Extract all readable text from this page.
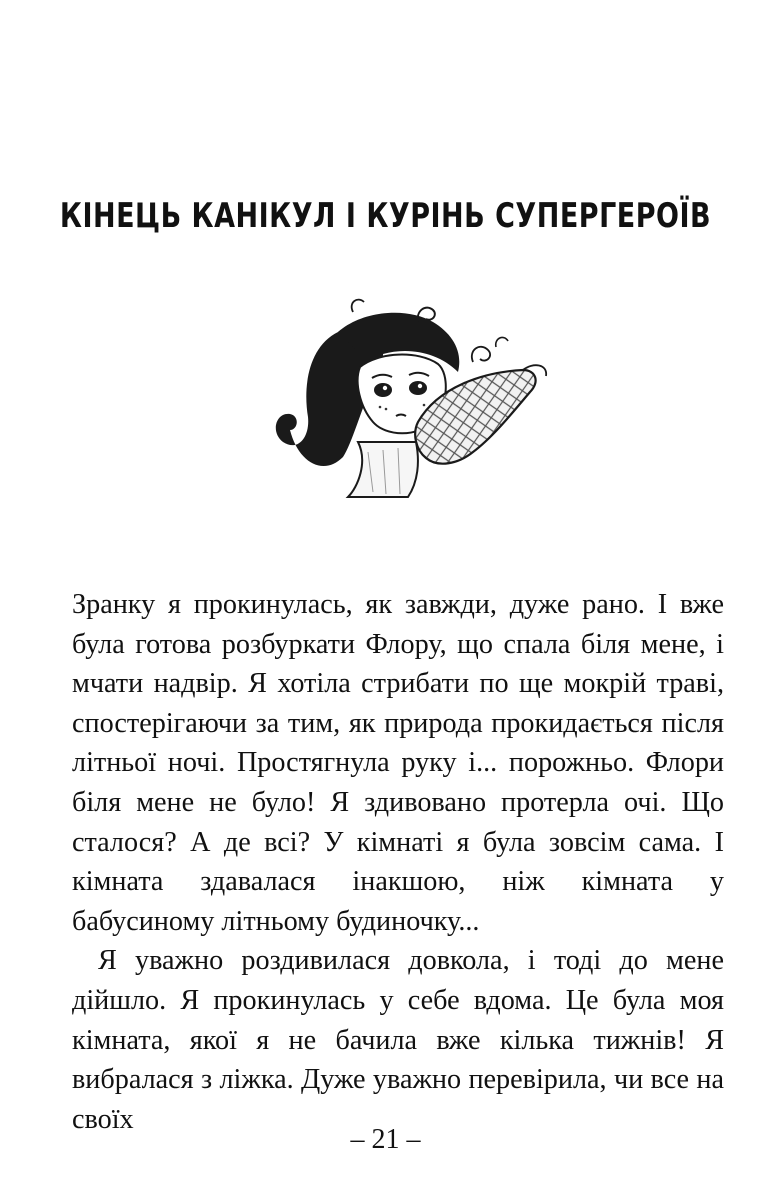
КІНЕЦЬ КАНІКУЛ І КУРІНЬ СУПЕРГЕРОЇВ

Зранку я прокинулась, як завжди, дуже рано. І вже була готова розбуркати Флору, що спала біля мене, і мчати надвір. Я хотіла стрибати по ще мокрій траві, спостерігаючи за тим, як природа прокидається після літньої ночі. Простягнула руку і... порожньо. Флори біля мене не було! Я здивовано протерла очі. Що сталося? А де всі? У кімнаті я була зовсім сама. І кімната здавалася інакшою, ніж кімната у бабусиному літньому будиночку...

Я уважно роздивилася довкола, і тоді до мене дійшло. Я прокинулась у себе вдома. Це була моя кімната, якої я не бачила вже кілька тижнів! Я вибралася з ліжка. Дуже уважно перевірила, чи все на своїх

– 21 –
